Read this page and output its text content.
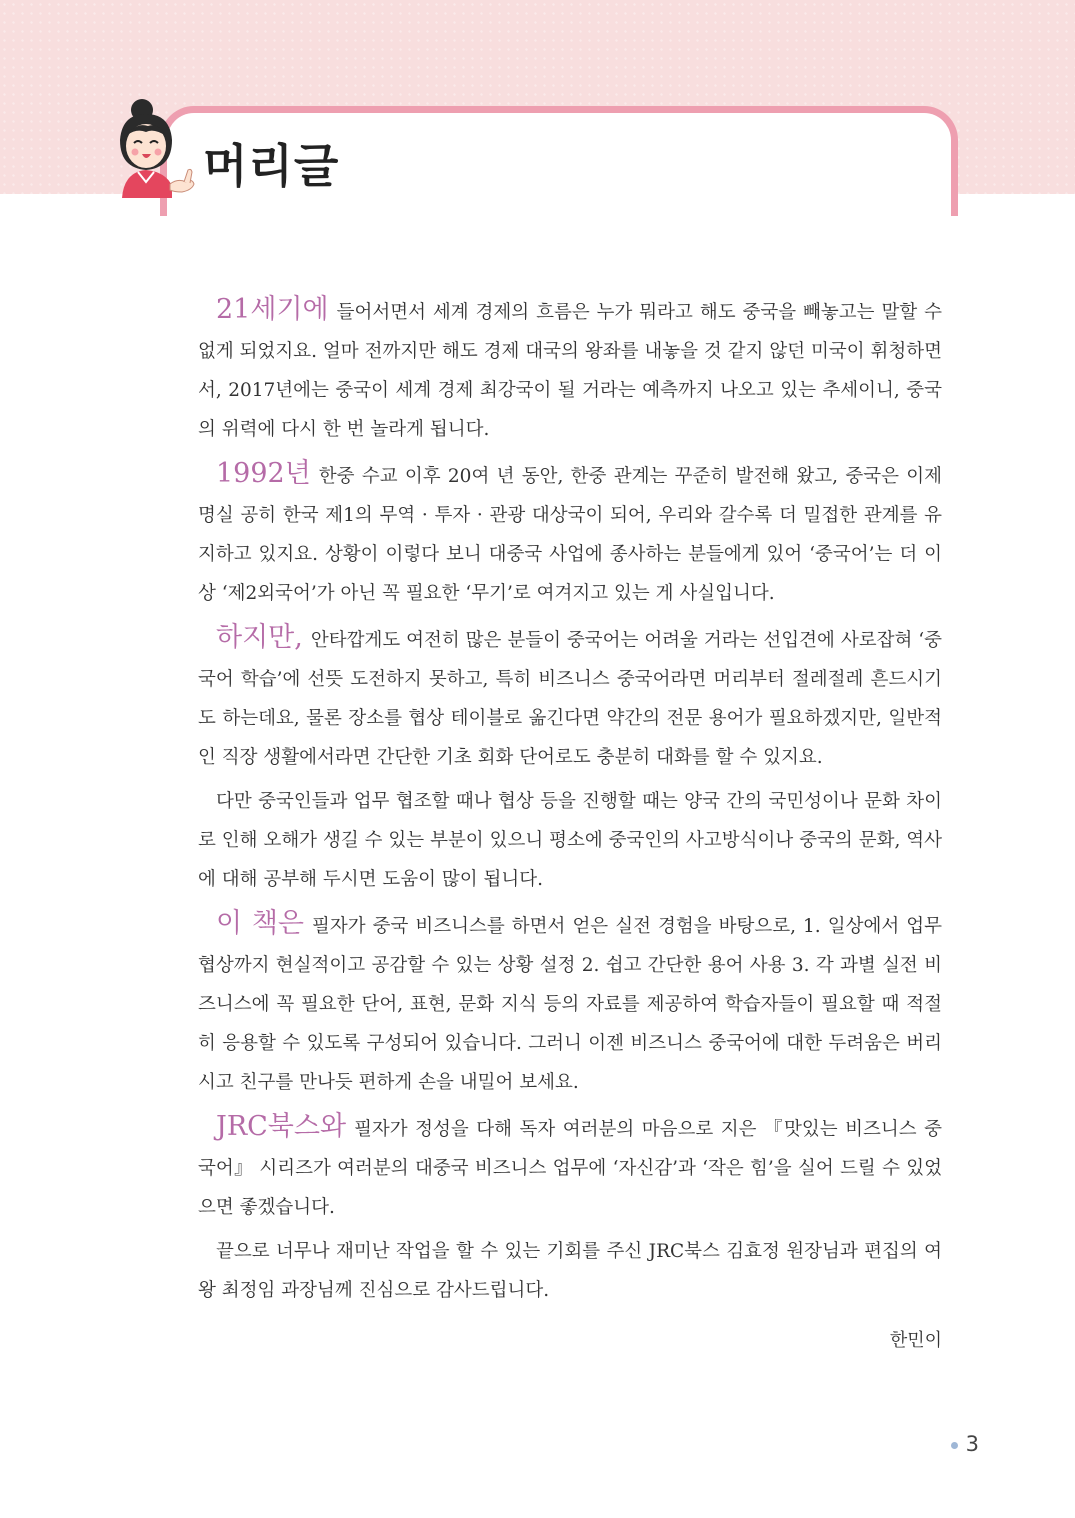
머리글

21세기에 들어서면서 세계 경제의 흐름은 누가 뭐라고 해도 중국을 빼놓고는 말할 수 없게 되었지요. 얼마 전까지만 해도 경제 대국의 왕좌를 내놓을 것 같지 않던 미국이 휘청하면서, 2017년에는 중국이 세계 경제 최강국이 될 거라는 예측까지 나오고 있는 추세이니, 중국의 위력에 다시 한 번 놀라게 됩니다.

1992년 한중 수교 이후 20여 년 동안, 한중 관계는 꾸준히 발전해 왔고, 중국은 이제 명실 공히 한국 제1의 무역 · 투자 · 관광 대상국이 되어, 우리와 갈수록 더 밀접한 관계를 유지하고 있지요. 상황이 이렇다 보니 대중국 사업에 종사하는 분들에게 있어 ‘중국어’는 더 이상 ‘제2외국어’가 아닌 꼭 필요한 ‘무기’로 여겨지고 있는 게 사실입니다.

하지만, 안타깝게도 여전히 많은 분들이 중국어는 어려울 거라는 선입견에 사로잡혀 ‘중국어 학습’에 선뜻 도전하지 못하고, 특히 비즈니스 중국어라면 머리부터 절레절레 흔드시기도 하는데요, 물론 장소를 협상 테이블로 옮긴다면 약간의 전문 용어가 필요하겠지만, 일반적인 직장 생활에서라면 간단한 기초 회화 단어로도 충분히 대화를 할 수 있지요.

다만 중국인들과 업무 협조할 때나 협상 등을 진행할 때는 양국 간의 국민성이나 문화 차이로 인해 오해가 생길 수 있는 부분이 있으니 평소에 중국인의 사고방식이나 중국의 문화, 역사에 대해 공부해 두시면 도움이 많이 됩니다.

이 책은 필자가 중국 비즈니스를 하면서 얻은 실전 경험을 바탕으로, 1. 일상에서 업무 협상까지 현실적이고 공감할 수 있는 상황 설정 2. 쉽고 간단한 용어 사용 3. 각 과별 실전 비즈니스에 꼭 필요한 단어, 표현, 문화 지식 등의 자료를 제공하여 학습자들이 필요할 때 적절히 응용할 수 있도록 구성되어 있습니다. 그러니 이젠 비즈니스 중국어에 대한 두려움은 버리시고 친구를 만나듯 편하게 손을 내밀어 보세요.

JRC북스와 필자가 정성을 다해 독자 여러분의 마음으로 지은 『맛있는 비즈니스 중국어』 시리즈가 여러분의 대중국 비즈니스 업무에 ‘자신감’과 ‘작은 힘’을 실어 드릴 수 있었으면 좋겠습니다.

끝으로 너무나 재미난 작업을 할 수 있는 기회를 주신 JRC북스 김효정 원장님과 편집의 여왕 최정임 과장님께 진심으로 감사드립니다.

한민이

3
